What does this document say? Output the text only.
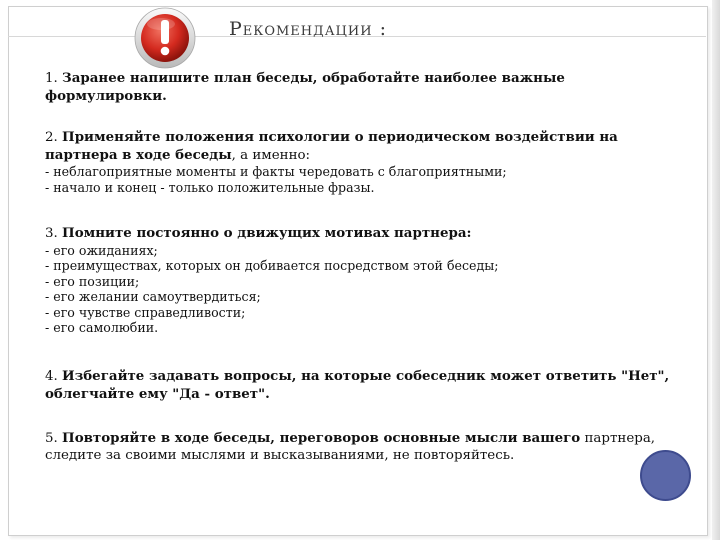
Рекомендации :

1. Заранее напишите план беседы, обработайте наиболее важные формулировки.

2. Применяйте положения психологии о периодическом воздействии на партнера в ходе беседы, а именно:

- неблагоприятные моменты и факты чередовать с благоприятными;

- начало и конец - только положительные фразы.

3. Помните постоянно о движущих мотивах партнера:

- его ожиданиях;

- преимуществах, которых он добивается посредством этой беседы;

- его позиции;

- его желании самоутвердиться;

- его чувстве справедливости;

- его самолюбии.

4. Избегайте задавать вопросы, на которые собеседник может ответить "Нет", облегчайте ему "Да - ответ".

5. Повторяйте в ходе беседы, переговоров основные мысли вашего партнера, следите за своими мыслями и высказываниями, не повторяйтесь.
